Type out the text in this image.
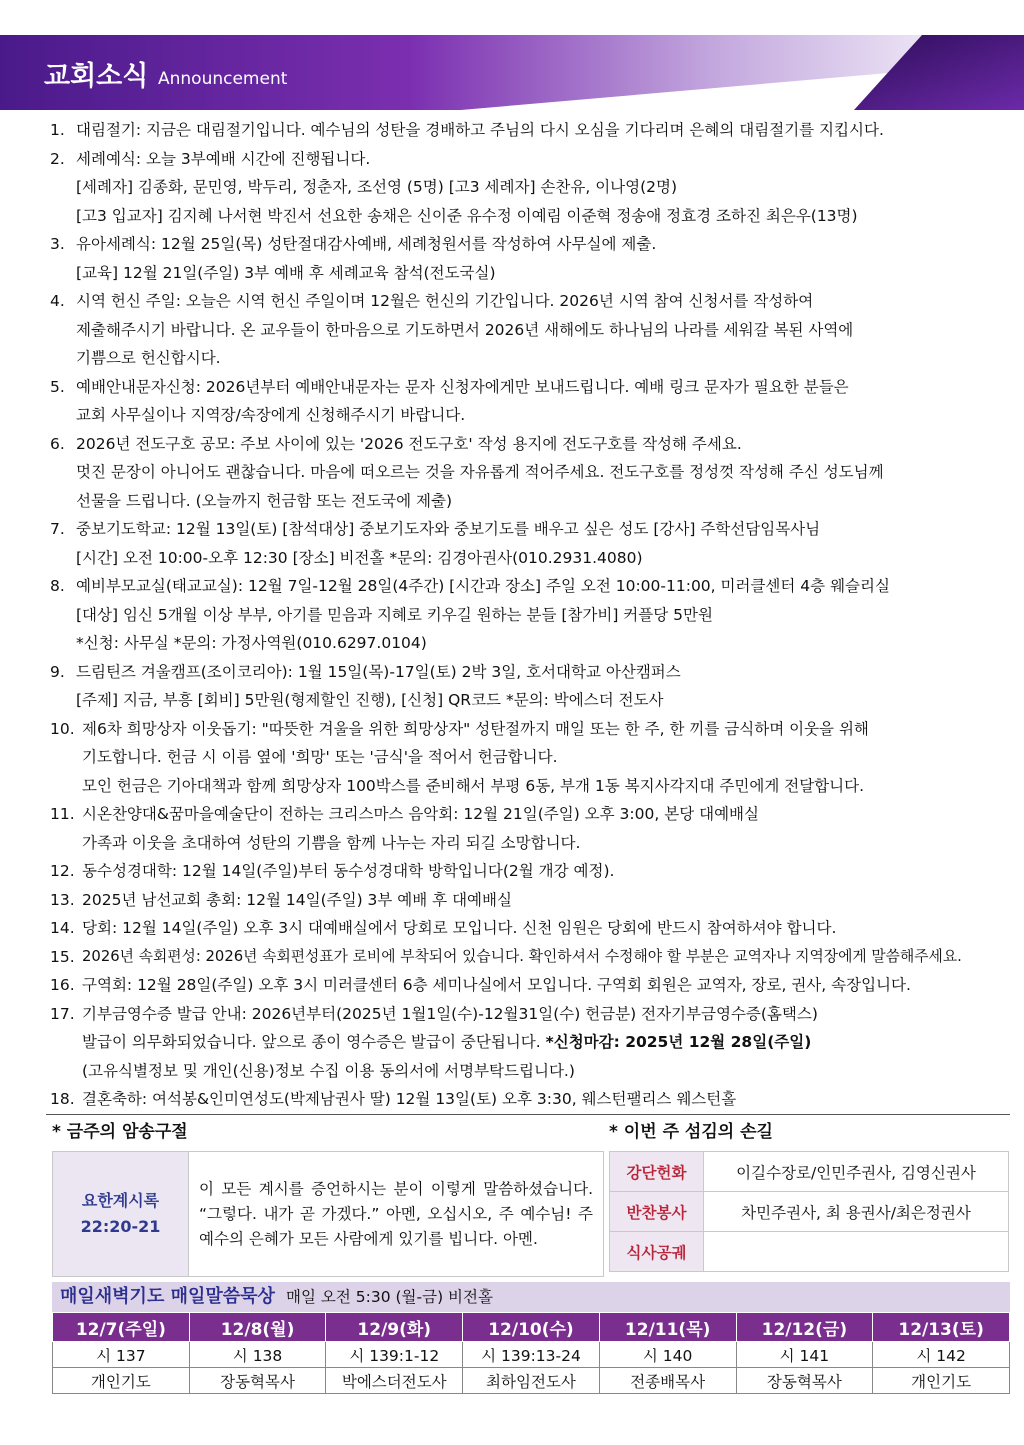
교회소식 Announcement
1. 대림절기: 지금은 대림절기입니다. 예수님의 성탄을 경배하고 주님의 다시 오심을 기다리며 은혜의 대림절기를 지킵시다.
2. 세례예식: 오늘 3부예배 시간에 진행됩니다.
[세례자] 김종화, 문민영, 박두리, 정춘자, 조선영 (5명) [고3 세례자] 손찬유, 이나영(2명)
[고3 입교자] 김지혜 나서현 박진서 선요한 송채은 신이준 유수정 이예림 이준혁 정송애 정효경 조하진 최은우(13명)
3. 유아세례식: 12월 25일(목) 성탄절대감사예배, 세례청원서를 작성하여 사무실에 제출.
[교육] 12월 21일(주일) 3부 예배 후 세례교육 참석(전도국실)
4. 시역 헌신 주일: 오늘은 시역 헌신 주일이며 12월은 헌신의 기간입니다. 2026년 시역 참여 신청서를 작성하여
제출해주시기 바랍니다. 온 교우들이 한마음으로 기도하면서 2026년 새해에도 하나님의 나라를 세워갈 복된 사역에
기쁨으로 헌신합시다.
5. 예배안내문자신청: 2026년부터 예배안내문자는 문자 신청자에게만 보내드립니다. 예배 링크 문자가 필요한 분들은
교회 사무실이나 지역장/속장에게 신청해주시기 바랍니다.
6. 2026년 전도구호 공모: 주보 사이에 있는 '2026 전도구호' 작성 용지에 전도구호를 작성해 주세요.
멋진 문장이 아니어도 괜찮습니다. 마음에 떠오르는 것을 자유롭게 적어주세요. 전도구호를 정성껏 작성해 주신 성도님께
선물을 드립니다. (오늘까지 헌금함 또는 전도국에 제출)
7. 중보기도학교: 12월 13일(토) [참석대상] 중보기도자와 중보기도를 배우고 싶은 성도 [강사] 주학선담임목사님
[시간] 오전 10:00-오후 12:30 [장소] 비전홀 *문의: 김경아권사(010.2931.4080)
8. 예비부모교실(태교교실): 12월 7일-12월 28일(4주간) [시간과 장소] 주일 오전 10:00-11:00, 미러클센터 4층 웨슬리실
[대상] 임신 5개월 이상 부부, 아기를 믿음과 지혜로 키우길 원하는 분들 [참가비] 커플당 5만원
*신청: 사무실 *문의: 가정사역원(010.6297.0104)
9. 드림틴즈 겨울캠프(조이코리아): 1월 15일(목)-17일(토) 2박 3일, 호서대학교 아산캠퍼스
[주제] 지금, 부흥 [회비] 5만원(형제할인 진행), [신청] QR코드 *문의: 박에스더 전도사
10. 제6차 희망상자 이웃돕기: "따뜻한 겨울을 위한 희망상자" 성탄절까지 매일 또는 한 주, 한 끼를 금식하며 이웃을 위해
기도합니다. 헌금 시 이름 옆에 '희망' 또는 '금식'을 적어서 헌금합니다.
모인 헌금은 기아대책과 함께 희망상자 100박스를 준비해서 부평 6동, 부개 1동 복지사각지대 주민에게 전달합니다.
11. 시온찬양대&꿈마을예술단이 전하는 크리스마스 음악회: 12월 21일(주일) 오후 3:00, 본당 대예배실
가족과 이웃을 초대하여 성탄의 기쁨을 함께 나누는 자리 되길 소망합니다.
12. 동수성경대학: 12월 14일(주일)부터 동수성경대학 방학입니다(2월 개강 예정).
13. 2025년 남선교회 총회: 12월 14일(주일) 3부 예배 후 대예배실
14. 당회: 12월 14일(주일) 오후 3시 대예배실에서 당회로 모입니다. 신천 임원은 당회에 반드시 참여하셔야 합니다.
15. 2026년 속회편성: 2026년 속회편성표가 로비에 부착되어 있습니다. 확인하셔서 수정해야 할 부분은 교역자나 지역장에게 말씀해주세요.
16. 구역회: 12월 28일(주일) 오후 3시 미러클센터 6층 세미나실에서 모입니다. 구역회 회원은 교역자, 장로, 권사, 속장입니다.
17. 기부금영수증 발급 안내: 2026년부터(2025년 1월1일(수)-12월31일(수) 헌금분) 전자기부금영수증(홈택스)
발급이 의무화되었습니다. 앞으로 종이 영수증은 발급이 중단됩니다. *신청마감: 2025년 12월 28일(주일)
(고유식별정보 및 개인(신용)정보 수집 이용 동의서에 서명부탁드립니다.)
18. 결혼축하: 여석봉&인미연성도(박제남권사 딸) 12월 13일(토) 오후 3:30, 웨스턴팰리스 웨스턴홀
* 금주의 암송구절	* 이번 주 섬김의 손길
요한계시록
22:20-21
	이 모든 계시를 증언하시는 분이 이렇게 말씀하셨습니다. “그렇다. 내가 곧 가겠다.” 아멘, 오십시오, 주 예수님! 주 예수의 은혜가 모든 사람에게 있기를 빕니다. 아멘.
강단헌화	이길수장로/인민주권사, 김영신권사
반찬봉사	차민주권사, 최 용권사/최은정권사
식사공궤	
매일새벽기도 매일말씀묵상 매일 오전 5:30 (월-금) 비전홀
12/7(주일)	12/8(월)	12/9(화)	12/10(수)	12/11(목)	12/12(금)	12/13(토)
시 137	시 138	시 139:1-12	시 139:13-24	시 140	시 141	시 142
개인기도	장동혁목사	박에스더전도사	최하임전도사	전종배목사	장동혁목사	개인기도
